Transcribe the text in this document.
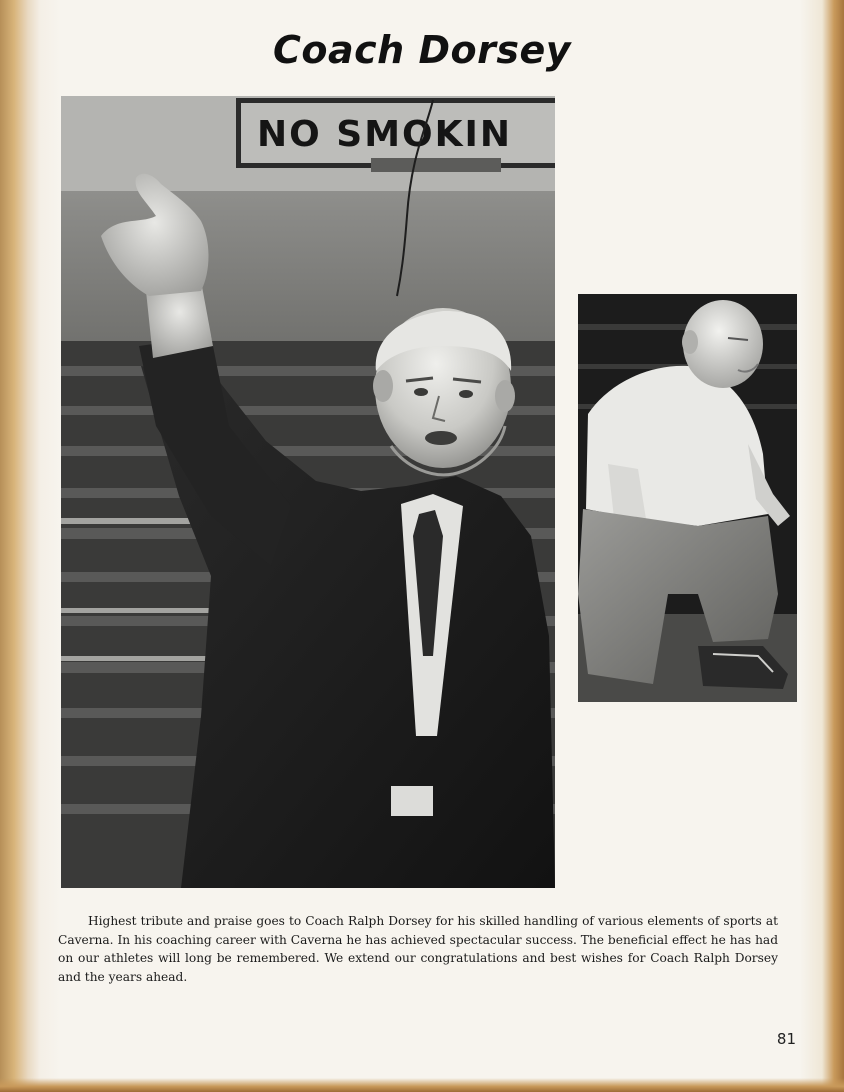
Coach Dorsey
NO SMOKIN
Highest tribute and praise goes to Coach Ralph Dorsey for his skilled handling of various elements of sports at Caverna. In his coaching career with Caverna he has achieved spectacular success. The beneficial effect he has had on our athletes will long be remembered. We extend our congratulations and best wishes for Coach Ralph Dorsey and the years ahead.
81
